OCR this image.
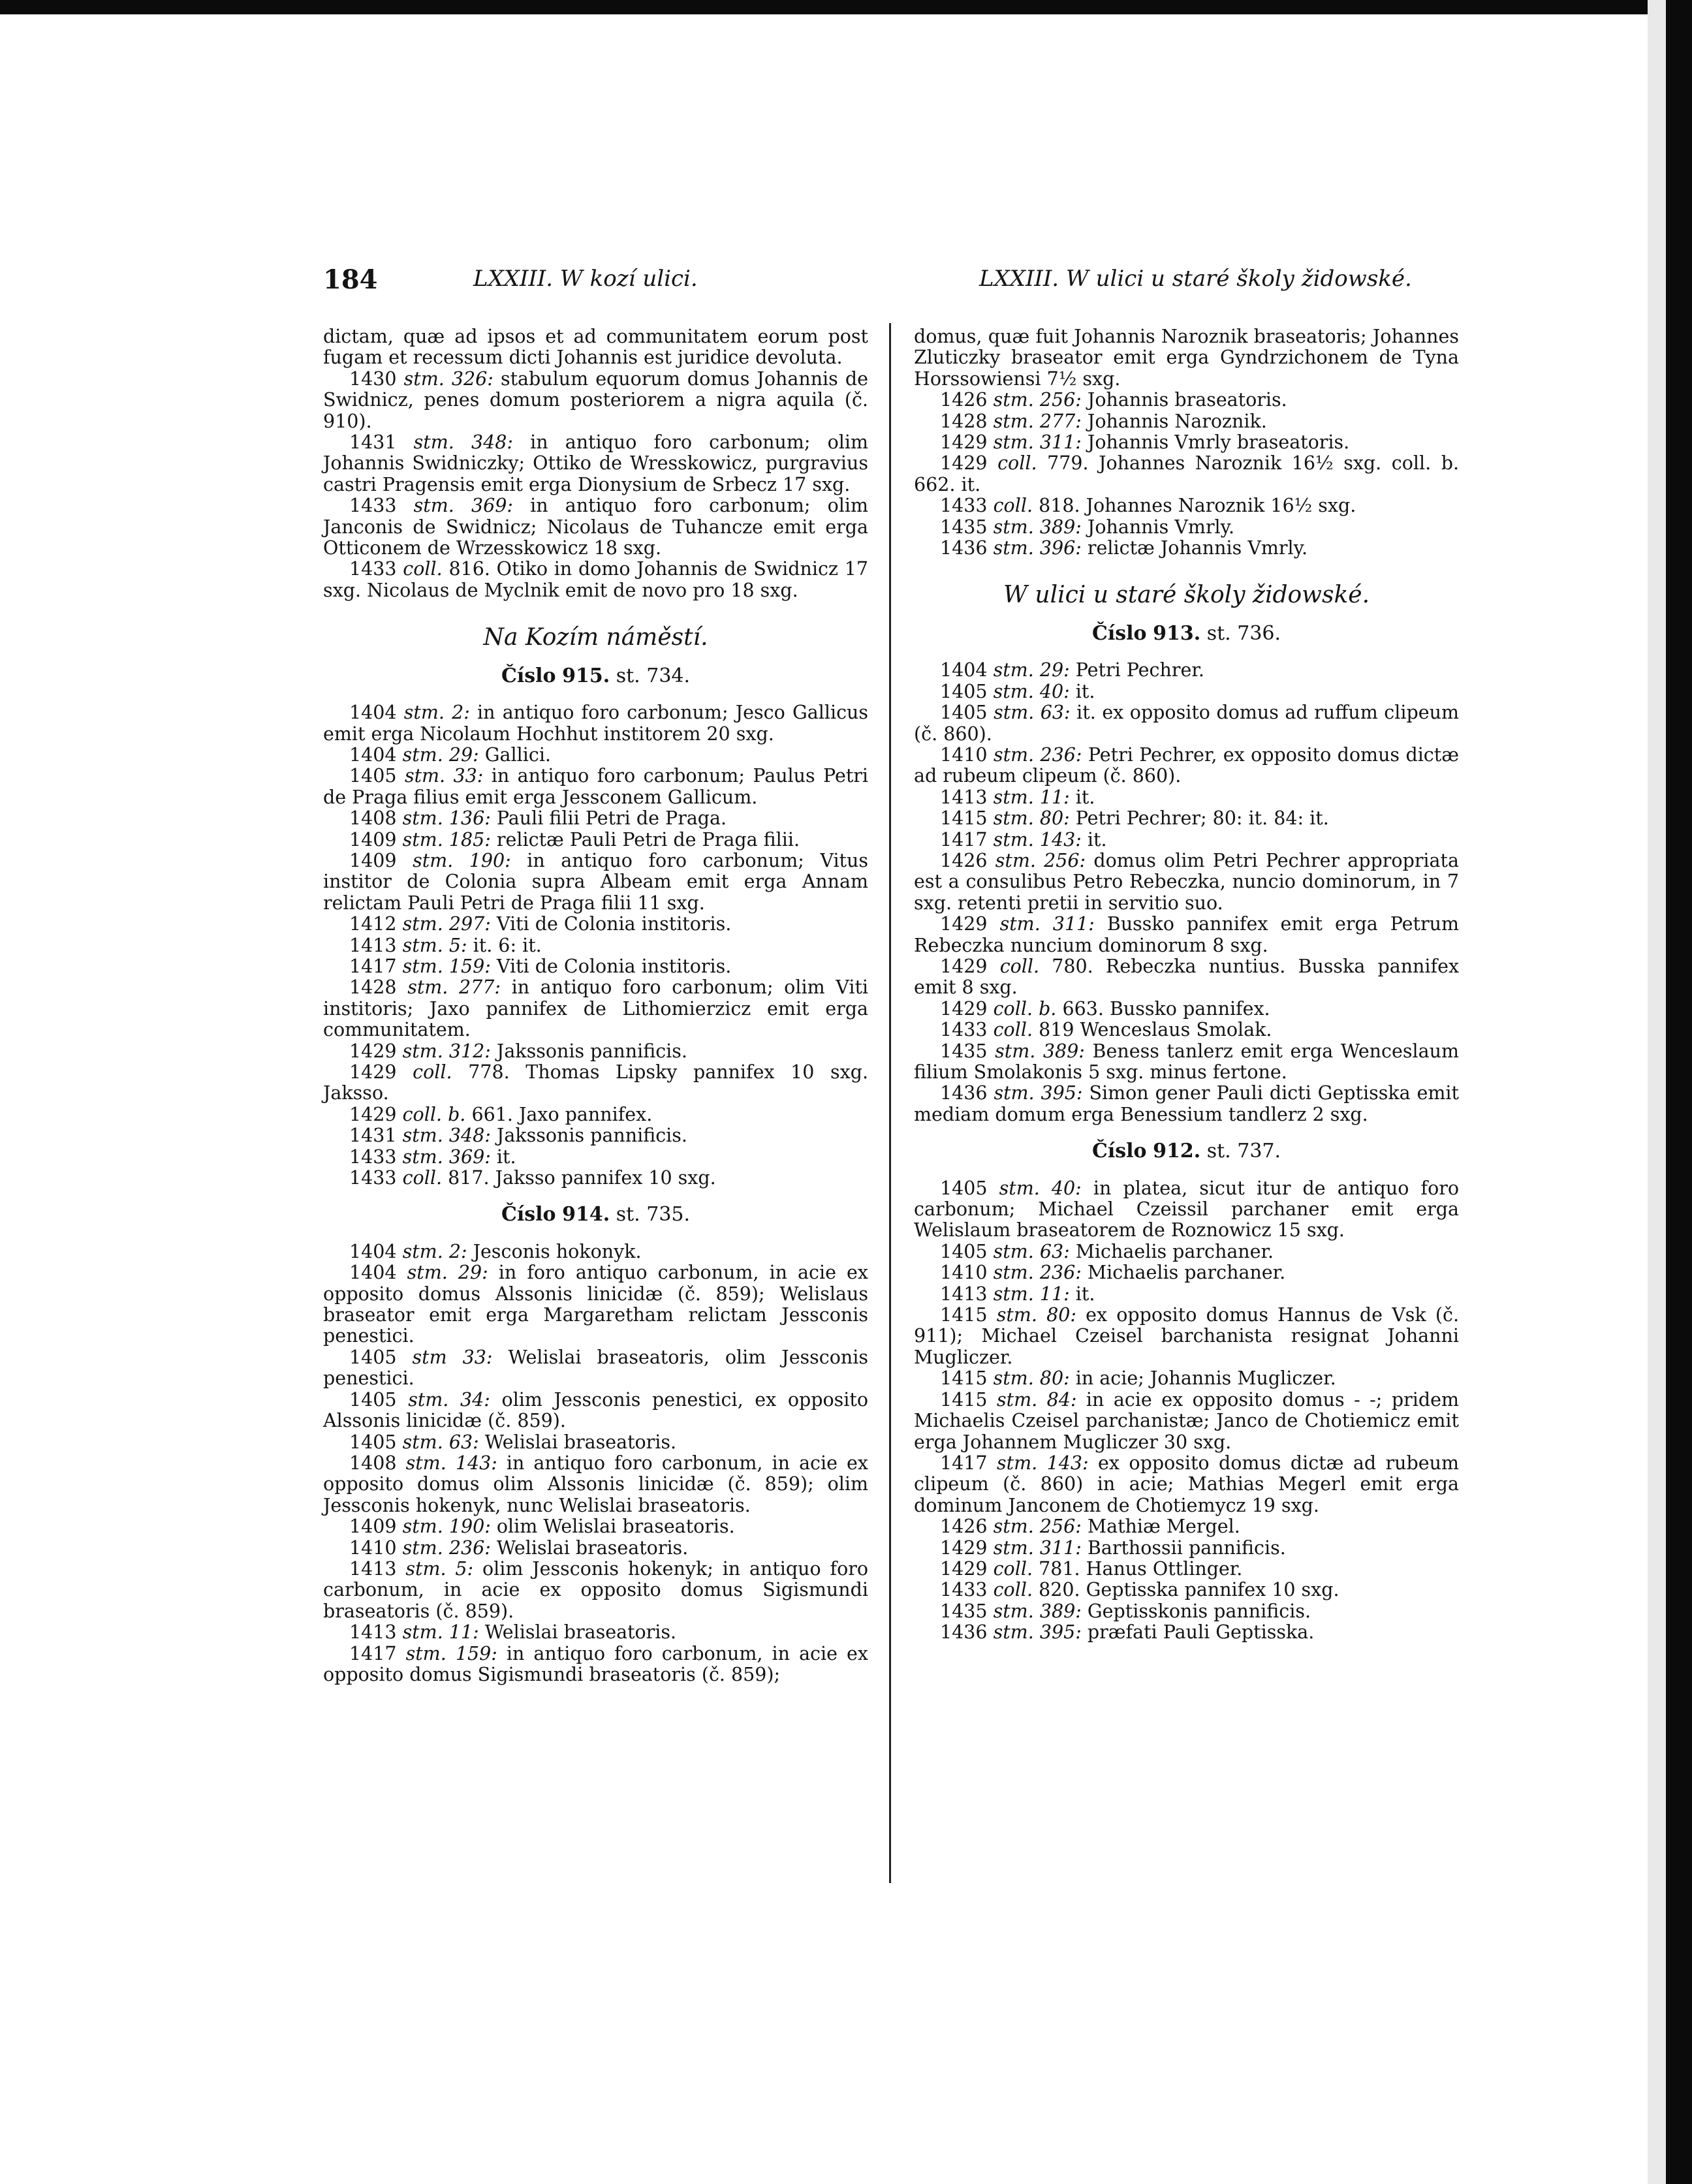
184	LXXIII. W kozí ulici.	LXXIII. W ulici u staré školy židowské.

dictam, quæ ad ipsos et ad communitatem eorum post fugam et recessum dicti Johannis est juridice devoluta.

1430 stm. 326: stabulum equorum domus Johannis de Swidnicz, penes domum posteriorem a nigra aquila (č. 910).

1431 stm. 348: in antiquo foro carbonum; olim Johannis Swidniczky; Ottiko de Wresskowicz, purgravius castri Pragensis emit erga Dionysium de Srbecz 17 sxg.

1433 stm. 369: in antiquo foro carbonum; olim Janconis de Swidnicz; Nicolaus de Tuhancze emit erga Otticonem de Wrzesskowicz 18 sxg.

1433 coll. 816. Otiko in domo Johannis de Swidnicz 17 sxg. Nicolaus de Myclnik emit de novo pro 18 sxg.

Na Kozím náměstí.
Číslo 915. st. 734.

1404 stm. 2: in antiquo foro carbonum; Jesco Gallicus emit erga Nicolaum Hochhut institorem 20 sxg.

1404 stm. 29: Gallici.

1405 stm. 33: in antiquo foro carbonum; Paulus Petri de Praga filius emit erga Jessconem Gallicum.

1408 stm. 136: Pauli filii Petri de Praga.

1409 stm. 185: relictæ Pauli Petri de Praga filii.

1409 stm. 190: in antiquo foro carbonum; Vitus institor de Colonia supra Albeam emit erga Annam relictam Pauli Petri de Praga filii 11 sxg.

1412 stm. 297: Viti de Colonia institoris.

1413 stm. 5: it. 6: it.

1417 stm. 159: Viti de Colonia institoris.

1428 stm. 277: in antiquo foro carbonum; olim Viti institoris; Jaxo pannifex de Lithomierzicz emit erga communitatem.

1429 stm. 312: Jakssonis pannificis.

1429 coll. 778. Thomas Lipsky pannifex 10 sxg. Jaksso.

1429 coll. b. 661. Jaxo pannifex.

1431 stm. 348: Jakssonis pannificis.

1433 stm. 369: it.

1433 coll. 817. Jaksso pannifex 10 sxg.

Číslo 914. st. 735.

1404 stm. 2: Jesconis hokonyk.

1404 stm. 29: in foro antiquo carbonum, in acie ex opposito domus Alssonis linicidæ (č. 859); Welislaus braseator emit erga Margaretham relictam Jessconis penestici.

1405 stm 33: Welislai braseatoris, olim Jessconis penestici.

1405 stm. 34: olim Jessconis penestici, ex opposito Alssonis linicidæ (č. 859).

1405 stm. 63: Welislai braseatoris.

1408 stm. 143: in antiquo foro carbonum, in acie ex opposito domus olim Alssonis linicidæ (č. 859); olim Jessconis hokenyk, nunc Welislai braseatoris.

1409 stm. 190: olim Welislai braseatoris.

1410 stm. 236: Welislai braseatoris.

1413 stm. 5: olim Jessconis hokenyk; in antiquo foro carbonum, in acie ex opposito domus Sigismundi braseatoris (č. 859).

1413 stm. 11: Welislai braseatoris.

1417 stm. 159: in antiquo foro carbonum, in acie ex opposito domus Sigismundi braseatoris (č. 859);

domus, quæ fuit Johannis Naroznik braseatoris; Johannes Zluticzky braseator emit erga Gyndrzichonem de Tyna Horssowiensi 7½ sxg.

1426 stm. 256: Johannis braseatoris.

1428 stm. 277: Johannis Naroznik.

1429 stm. 311: Johannis Vmrly braseatoris.

1429 coll. 779. Johannes Naroznik 16½ sxg. coll. b. 662. it.

1433 coll. 818. Johannes Naroznik 16½ sxg.

1435 stm. 389: Johannis Vmrly.

1436 stm. 396: relictæ Johannis Vmrly.

W ulici u staré školy židowské.
Číslo 913. st. 736.

1404 stm. 29: Petri Pechrer.

1405 stm. 40: it.

1405 stm. 63: it. ex opposito domus ad ruffum clipeum (č. 860).

1410 stm. 236: Petri Pechrer, ex opposito domus dictæ ad rubeum clipeum (č. 860).

1413 stm. 11: it.

1415 stm. 80: Petri Pechrer; 80: it. 84: it.

1417 stm. 143: it.

1426 stm. 256: domus olim Petri Pechrer appropriata est a consulibus Petro Rebeczka, nuncio dominorum, in 7 sxg. retenti pretii in servitio suo.

1429 stm. 311: Bussko pannifex emit erga Petrum Rebeczka nuncium dominorum 8 sxg.

1429 coll. 780. Rebeczka nuntius. Busska pannifex emit 8 sxg.

1429 coll. b. 663. Bussko pannifex.

1433 coll. 819 Wenceslaus Smolak.

1435 stm. 389: Beness tanlerz emit erga Wenceslaum filium Smolakonis 5 sxg. minus fertone.

1436 stm. 395: Simon gener Pauli dicti Geptisska emit mediam domum erga Benessium tandlerz 2 sxg.

Číslo 912. st. 737.

1405 stm. 40: in platea, sicut itur de antiquo foro carbonum; Michael Czeissil parchaner emit erga Welislaum braseatorem de Roznowicz 15 sxg.

1405 stm. 63: Michaelis parchaner.

1410 stm. 236: Michaelis parchaner.

1413 stm. 11: it.

1415 stm. 80: ex opposito domus Hannus de Vsk (č. 911); Michael Czeisel barchanista resignat Johanni Mugliczer.

1415 stm. 80: in acie; Johannis Mugliczer.

1415 stm. 84: in acie ex opposito domus - -; pridem Michaelis Czeisel parchanistæ; Janco de Chotiemicz emit erga Johannem Mugliczer 30 sxg.

1417 stm. 143: ex opposito domus dictæ ad rubeum clipeum (č. 860) in acie; Mathias Megerl emit erga dominum Janconem de Chotiemycz 19 sxg.

1426 stm. 256: Mathiæ Mergel.

1429 stm. 311: Barthossii pannificis.

1429 coll. 781. Hanus Ottlinger.

1433 coll. 820. Geptisska pannifex 10 sxg.

1435 stm. 389: Geptisskonis pannificis.

1436 stm. 395: præfati Pauli Geptisska.
